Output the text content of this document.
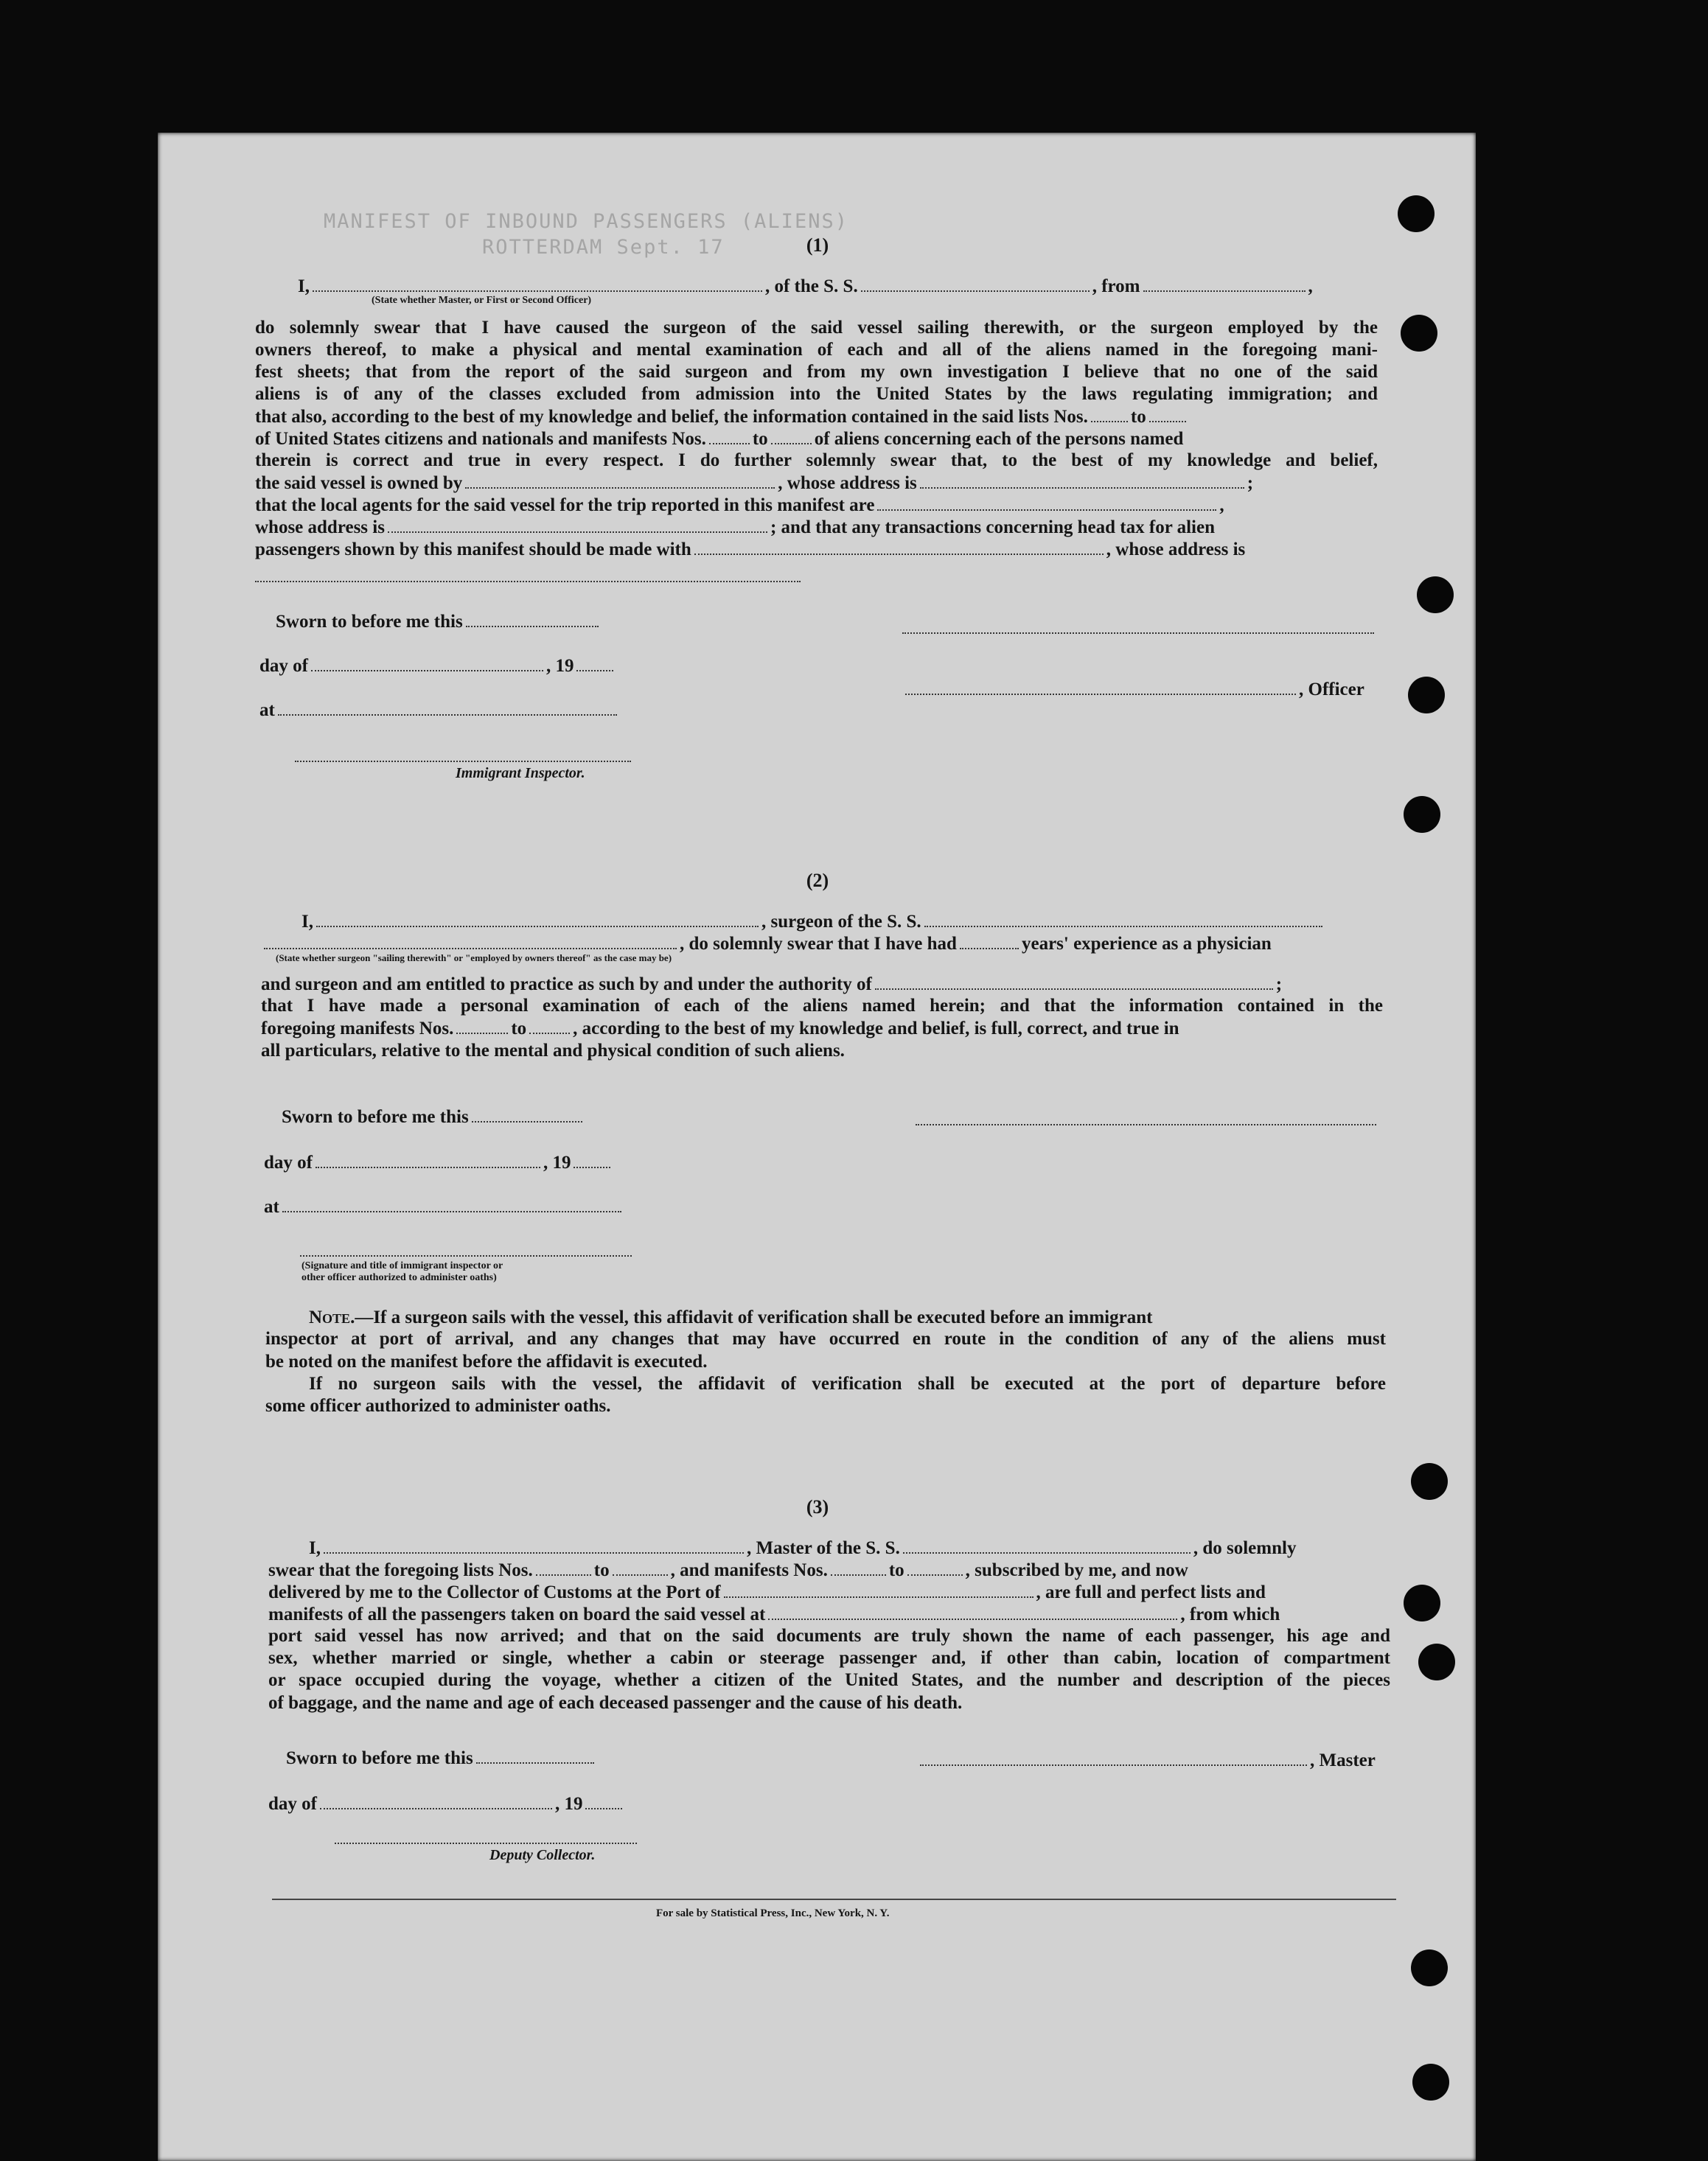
MANIFEST OF INBOUND PASSENGERS (ALIENS)
ROTTERDAM Sept. 17	(1)
I,	, of the S. S.	, from	,
(State whether Master, or First or Second Officer)
do solemnly swear that I have caused the surgeon of the said vessel sailing therewith, or the surgeon employed by the
owners thereof, to make a physical and mental examination of each and all of the aliens named in the foregoing mani-
fest sheets; that from the report of the said surgeon and from my own investigation I believe that no one of the said
aliens is of any of the classes excluded from admission into the United States by the laws regulating immigration; and
that also, according to the best of my knowledge and belief, the information contained in the said lists Nos. to
of United States citizens and nationals and manifests Nos.	to	of aliens concerning each of the persons named
therein is correct and true in every respect. I do further solemnly swear that, to the best of my knowledge and belief,
the said vessel is owned by	, whose address is	;
that the local agents for the said vessel for the trip reported in this manifest are	,
whose address is	; and that any transactions concerning head tax for alien
passengers shown by this manifest should be made with	, whose address is
Sworn to before me this
day of	, 19
, Officer
at
Immigrant Inspector.
(2)
I,	, surgeon of the S. S.
, do solemnly swear that I have had	years' experience as a physician
(State whether surgeon "sailing therewith" or "employed by owners thereof" as the case may be)
and surgeon and am entitled to practice as such by and under the authority of	;
that I have made a personal examination of each of the aliens named herein; and that the information contained in the
foregoing manifests Nos.	to	, according to the best of my knowledge and belief, is full, correct, and true in
all particulars, relative to the mental and physical condition of such aliens.
Sworn to before me this
day of	, 19
at
(Signature and title of immigrant inspector or
other officer authorized to administer oaths)
Note.—If a surgeon sails with the vessel, this affidavit of verification shall be executed before an immigrant
inspector at port of arrival, and any changes that may have occurred en route in the condition of any of the aliens must
be noted on the manifest before the affidavit is executed.
If no surgeon sails with the vessel, the affidavit of verification shall be executed at the port of departure before
some officer authorized to administer oaths.
(3)
I,	, Master of the S. S.	, do solemnly
swear that the foregoing lists Nos.	to	, and manifests Nos.	to	, subscribed by me, and now
delivered by me to the Collector of Customs at the Port of	, are full and perfect lists and
manifests of all the passengers taken on board the said vessel at	, from which
port said vessel has now arrived; and that on the said documents are truly shown the name of each passenger, his age and
sex, whether married or single, whether a cabin or steerage passenger and, if other than cabin, location of compartment
or space occupied during the voyage, whether a citizen of the United States, and the number and description of the pieces
of baggage, and the name and age of each deceased passenger and the cause of his death.
Sworn to before me this	, Master
day of	, 19
Deputy Collector.
For sale by Statistical Press, Inc., New York, N. Y.
